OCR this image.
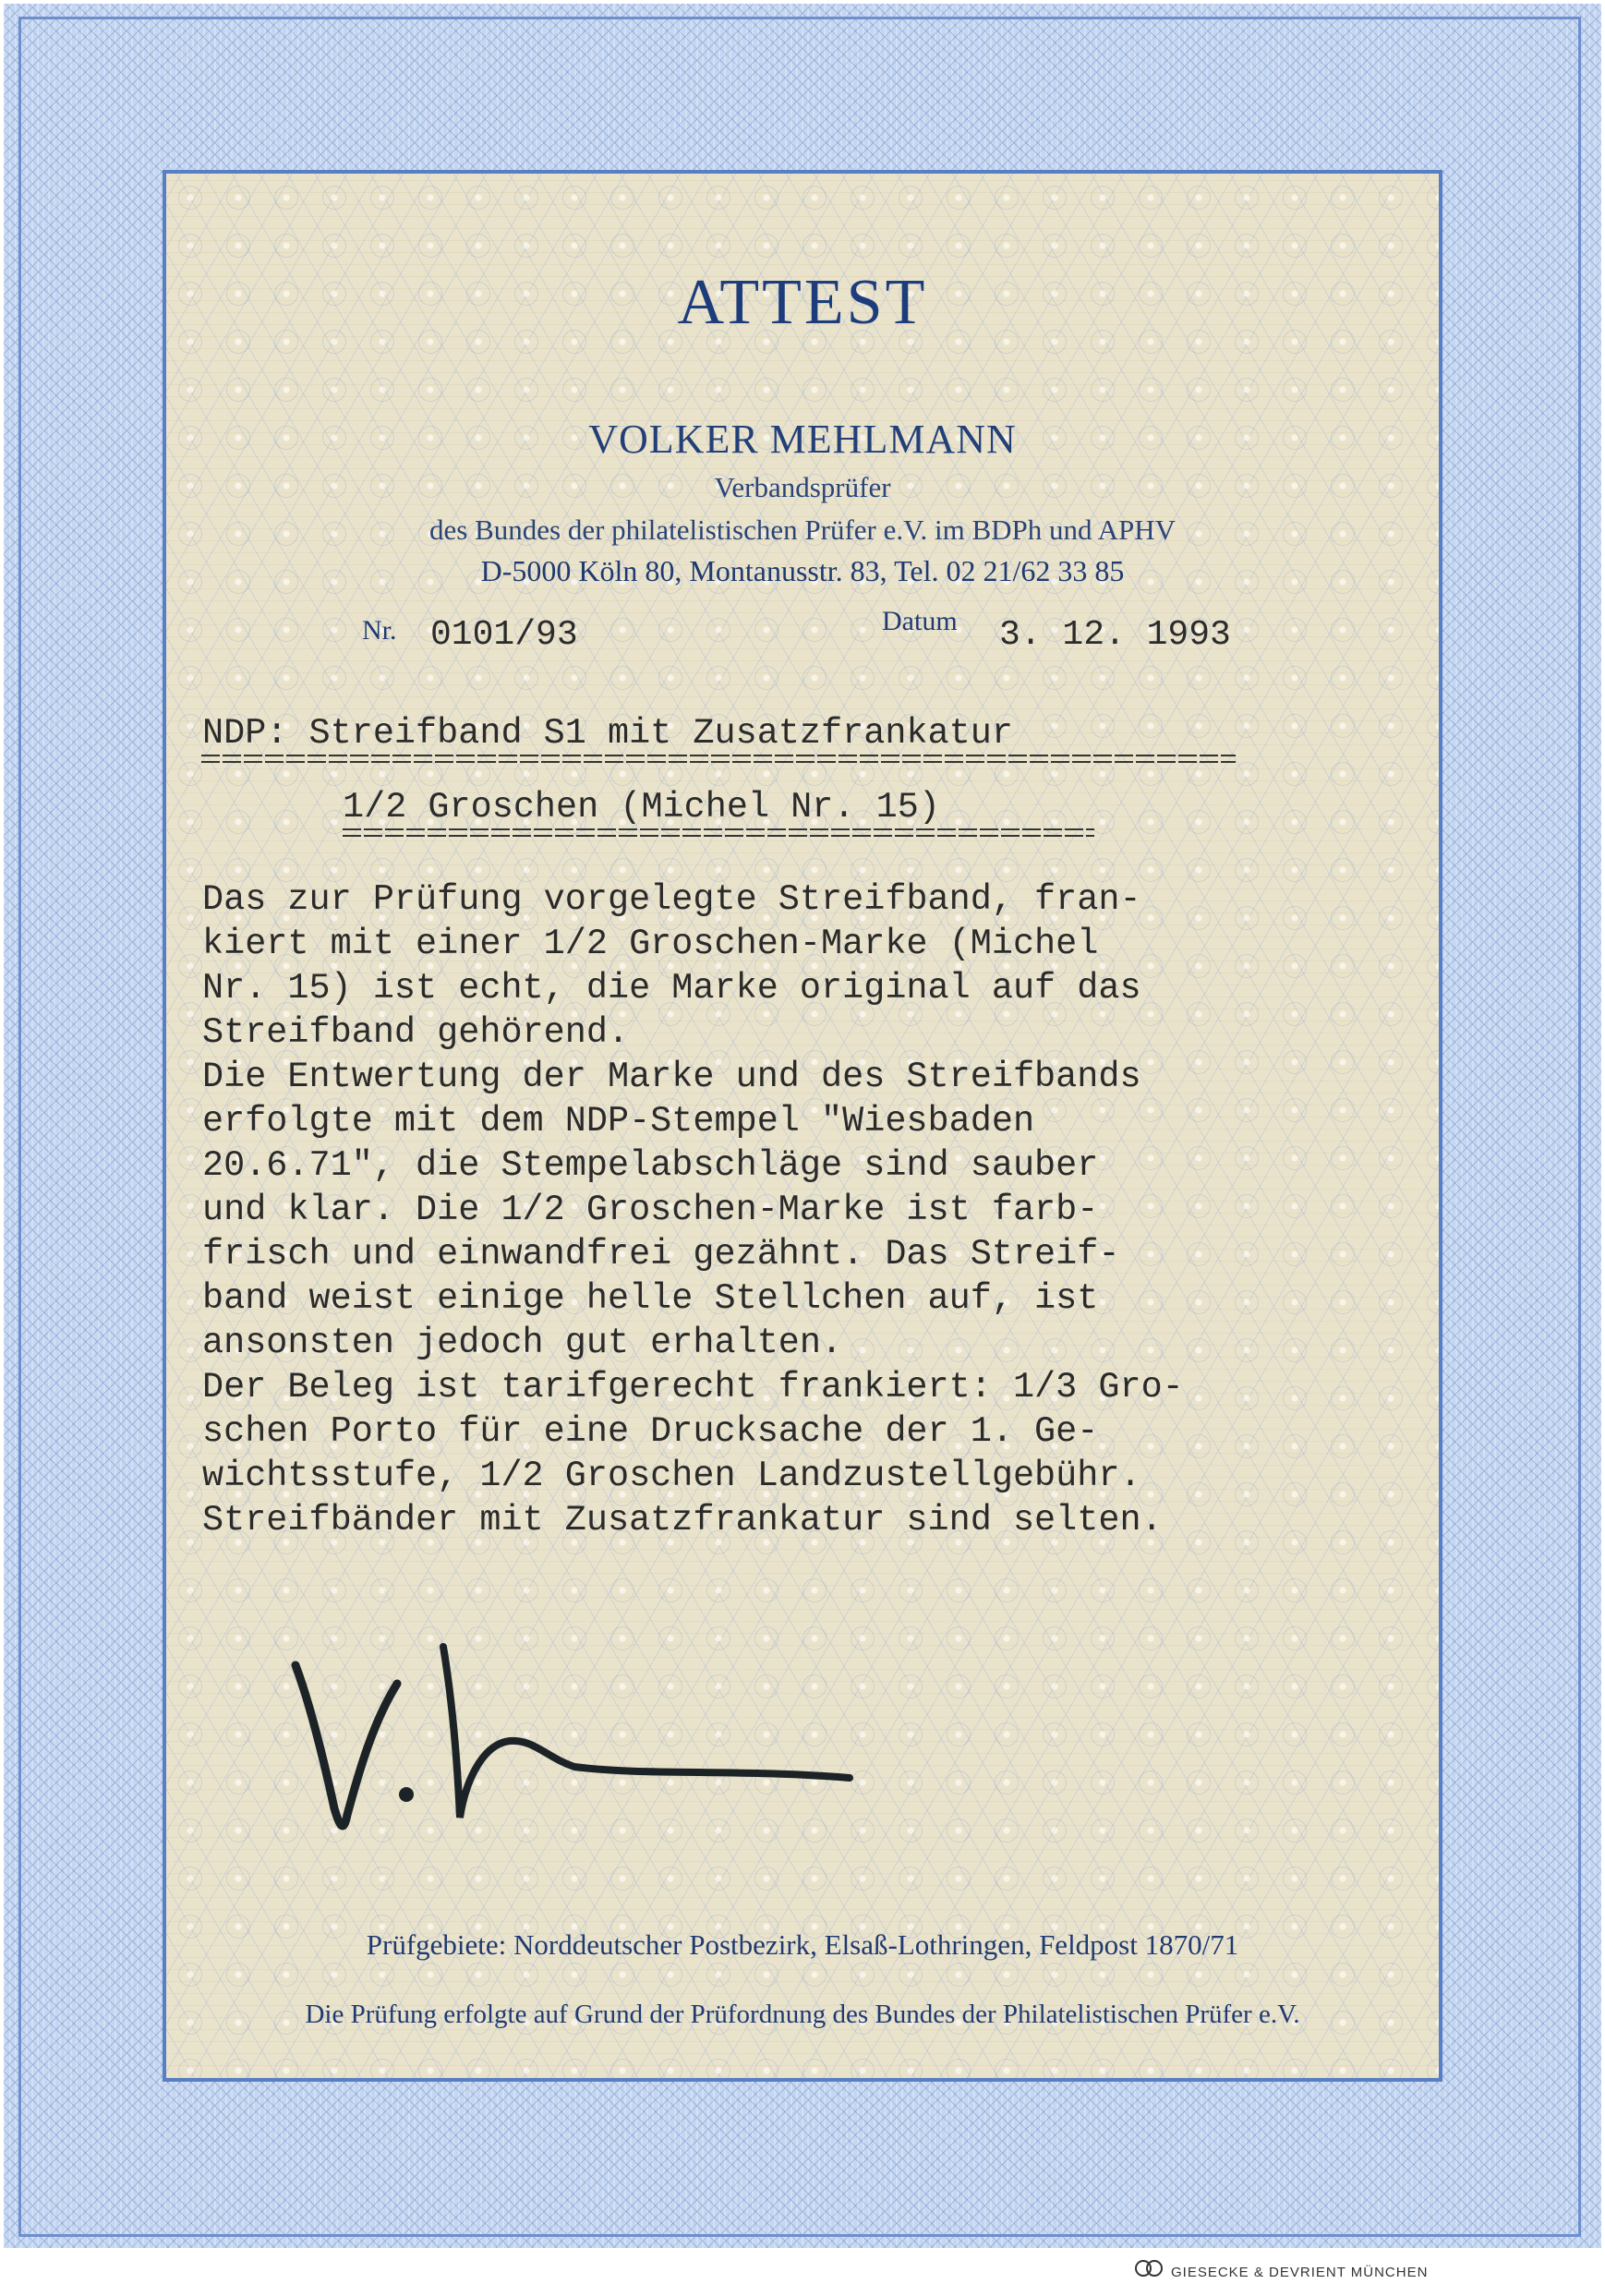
ATTEST
VOLKER MEHLMANN
Verbandsprüfer
des Bundes der philatelistischen Prüfer e.V. im BDPh und APHV
D-5000 Köln 80, Montanusstr. 83, Tel. 02 21/62 33 85
Nr. 0101/93	Datum 3. 12. 1993
NDP: Streifband S1 mit Zusatzfrankatur
1/2 Groschen (Michel Nr. 15)
Das zur Prüfung vorgelegte Streifband, fran-
kiert mit einer 1/2 Groschen-Marke (Michel
Nr. 15) ist echt, die Marke original auf das
Streifband gehörend.
Die Entwertung der Marke und des Streifbands
erfolgte mit dem NDP-Stempel "Wiesbaden
20.6.71", die Stempelabschläge sind sauber
und klar. Die 1/2 Groschen-Marke ist farb-
frisch und einwandfrei gezähnt. Das Streif-
band weist einige helle Stellchen auf, ist
ansonsten jedoch gut erhalten.
Der Beleg ist tarifgerecht frankiert: 1/3 Gro-
schen Porto für eine Drucksache der 1. Ge-
wichtsstufe, 1/2 Groschen Landzustellgebühr.
Streifbänder mit Zusatzfrankatur sind selten.
Prüfgebiete: Norddeutscher Postbezirk, Elsaß-Lothringen, Feldpost 1870/71
Die Prüfung erfolgte auf Grund der Prüfordnung des Bundes der Philatelistischen Prüfer e.V.
GIESECKE & DEVRIENT MÜNCHEN
